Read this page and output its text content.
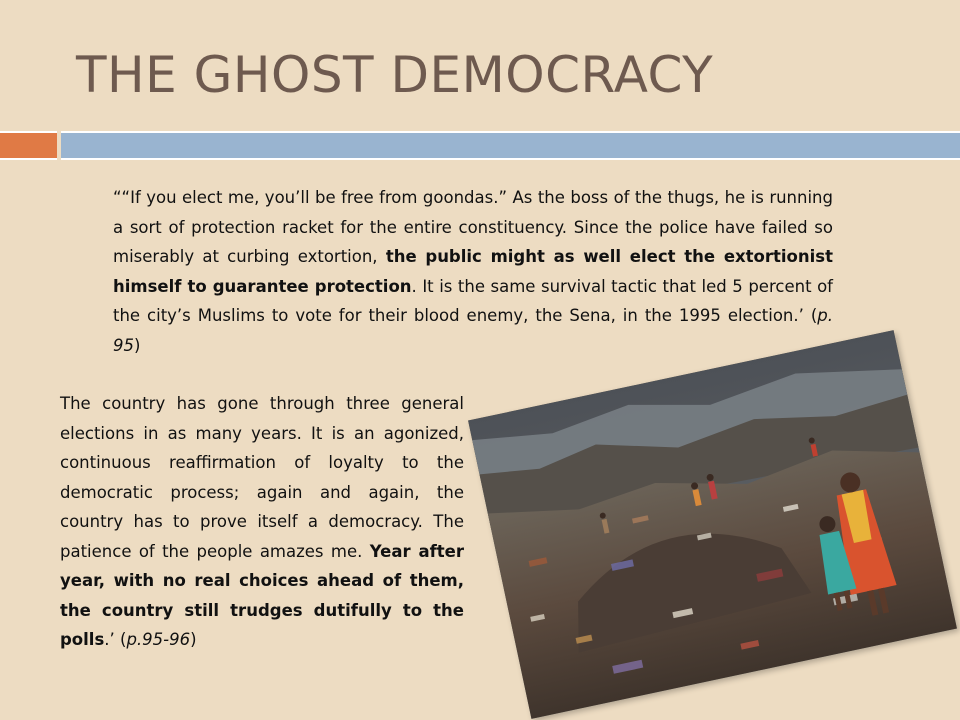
THE GHOST DEMOCRACY

““If you elect me, you’ll be free from goondas.” As the boss of the thugs, he is running a sort of protection racket for the entire constituency. Since the police have failed so miserably at curbing extortion, the public might as well elect the extortionist himself to guarantee protection. It is the same survival tactic that led 5 percent of the city’s Muslims to vote for their blood enemy, the Sena, in the 1995 election.’ (p. 95)

The country has gone through three general elections in as many years. It is an agonized, continuous reaffirmation of loyalty to the democratic process; again and again, the country has to prove itself a democracy. The patience of the people amazes me. Year after year, with no real choices ahead of them, the country still trudges dutifully to the polls.’ (p.95-96)
